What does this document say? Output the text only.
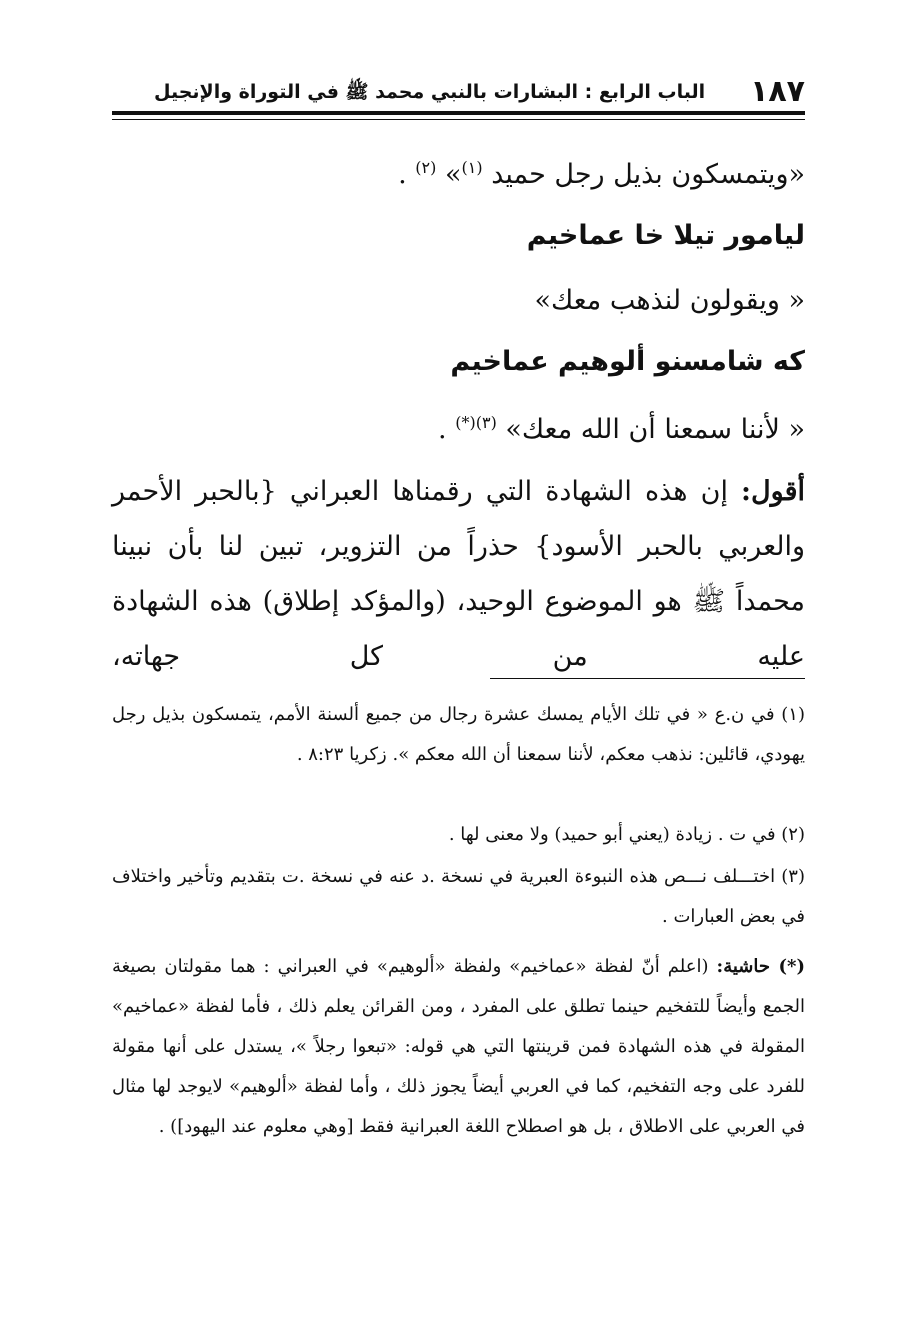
١٨٧
الباب الرابع : البشارات بالنبي محمد ﷺ في التوراة والإنجيل
«ويتمسكون بذيل رجل حميد $^{(١)}$» $^{(٢)}$ .
ليامور تيلا خا عماخيم
« ويقولون لنذهب معك»
كه شامسنو ألوهيم عماخيم
« لأننا سمعنا أن الله معك» $^{(٣)(*)}$ .
أقول: إن هذه الشهادة التي رقمناها العبراني {بالحبر الأحمر والعربي بالحبر الأسود} حذراً من التزوير، تبين لنا بأن نبينا محمداً ﷺ هو الموضوع الوحيد، (والمؤكد إطلاق) هذه الشهادة عليه من كل جهاته،
(١) في ن.ع « في تلك الأيام يمسك عشرة رجال من جميع ألسنة الأمم، يتمسكون بذيل رجل يهودي، قائلين: نذهب معكم، لأننا سمعنا أن الله معكم ». زكريا ٨:٢٣ .
(٢) في ت . زيادة (يعني أبو حميد) ولا معنى لها .
(٣) اختـــلف نـــص هذه النبوءة العبرية في نسخة .د عنه في نسخة .ت بتقديم وتأخير واختلاف في بعض العبارات .
(*) حاشية: (اعلم أنّ لفظة «عماخيم» ولفظة «ألوهيم» في العبراني : هما مقولتان بصيغة الجمع وأيضاً للتفخيم حينما تطلق على المفرد ، ومن القرائن يعلم ذلك ، فأما لفظة «عماخيم» المقولة في هذه الشهادة فمن قرينتها التي هي قوله: «تبعوا رجلاً »، يستدل على أنها مقولة للفرد على وجه التفخيم، كما في العربي أيضاً يجوز ذلك ، وأما لفظة «ألوهيم» لايوجد لها مثال في العربي على الاطلاق ، بل هو اصطلاح اللغة العبرانية فقط [وهي معلوم عند اليهود]) .
